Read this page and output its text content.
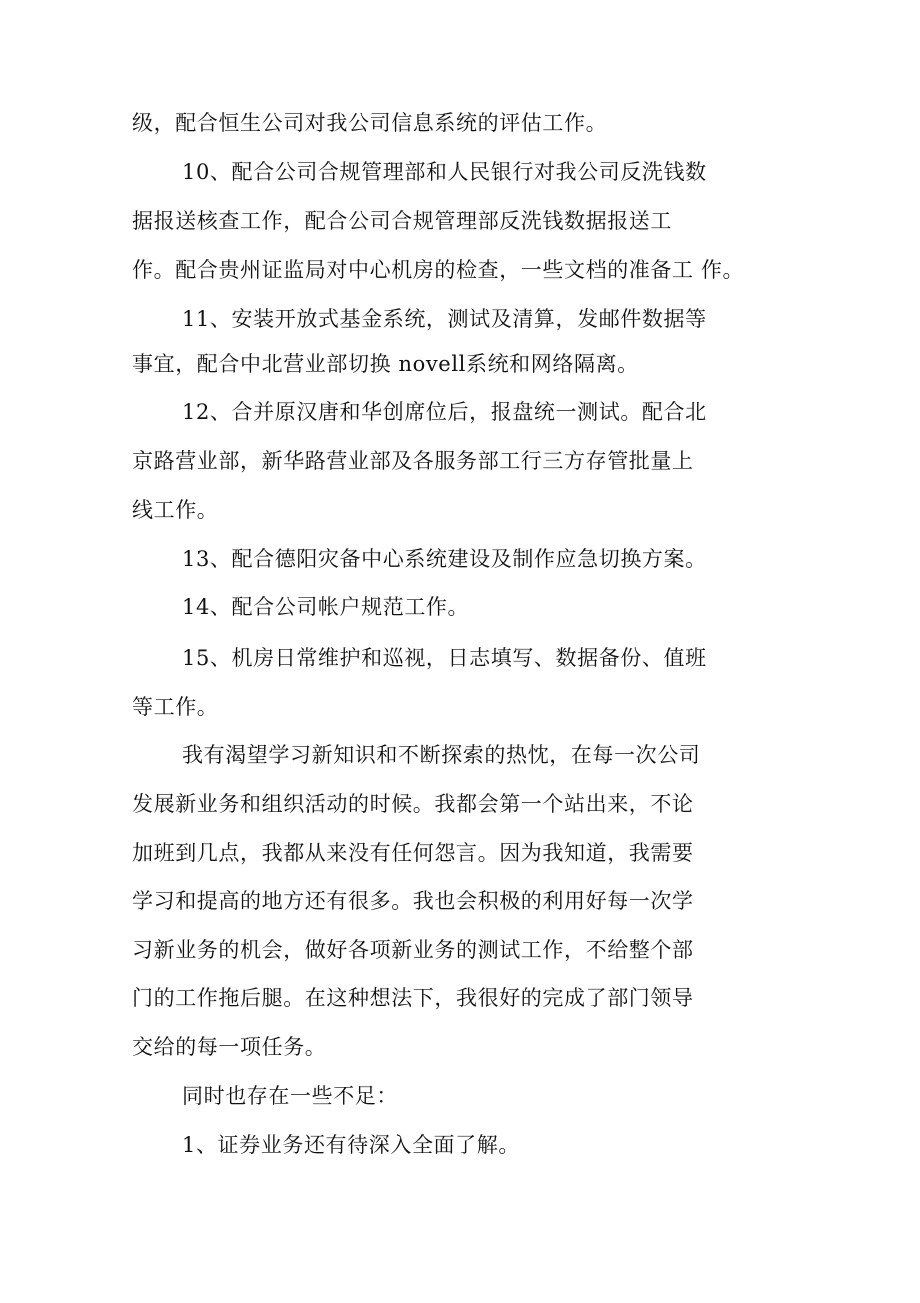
级，配合恒生公司对我公司信息系统的评估工作。
10、配合公司合规管理部和人民银行对我公司反洗钱数
据报送核查工作，配合公司合规管理部反洗钱数据报送工
作。配合贵州证监局对中心机房的检查，一些文档的准备工 作。
11、安装开放式基金系统，测试及清算，发邮件数据等
事宜，配合中北营业部切换 novell系统和网络隔离。
12、合并原汉唐和华创席位后，报盘统一测试。配合北
京路营业部，新华路营业部及各服务部工行三方存管批量上
线工作。
13、配合德阳灾备中心系统建设及制作应急切换方案。
14、配合公司帐户规范工作。
15、机房日常维护和巡视，日志填写、数据备份、值班
等工作。
我有渴望学习新知识和不断探索的热忱，在每一次公司
发展新业务和组织活动的时候。我都会第一个站出来，不论
加班到几点，我都从来没有任何怨言。因为我知道，我需要
学习和提高的地方还有很多。我也会积极的利用好每一次学
习新业务的机会，做好各项新业务的测试工作，不给整个部
门的工作拖后腿。在这种想法下，我很好的完成了部门领导
交给的每一项任务。
同时也存在一些不足：
1、证券业务还有待深入全面了解。
